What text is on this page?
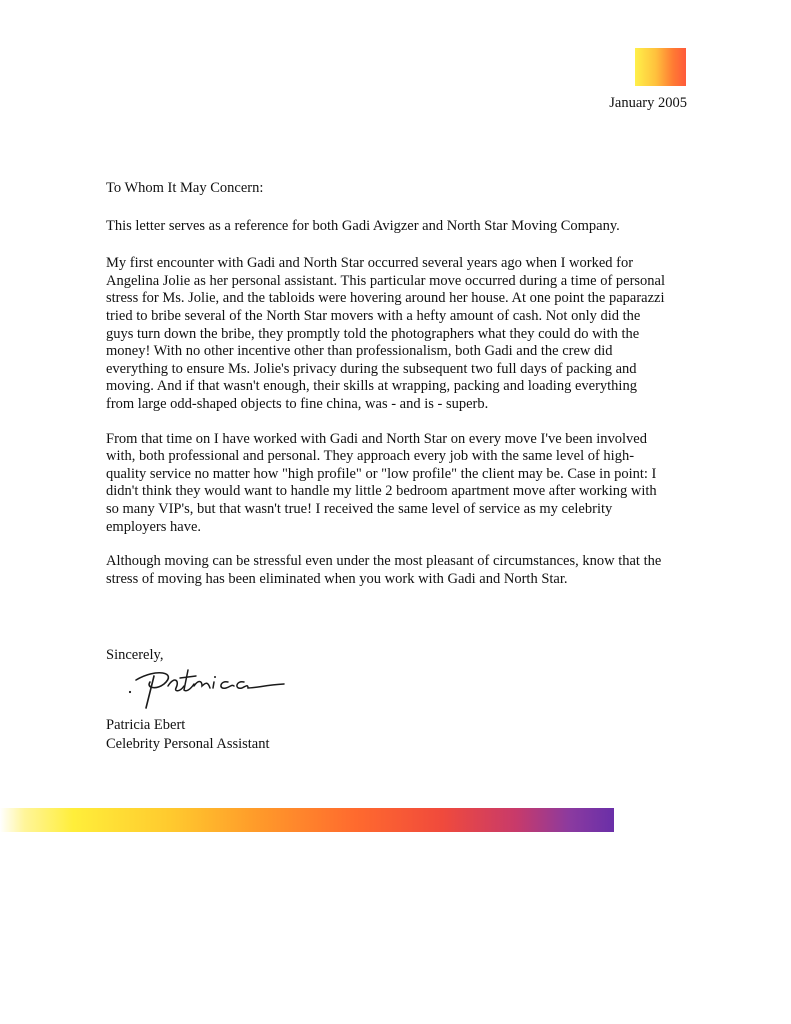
January 2005

To Whom It May Concern:

This letter serves as a reference for both Gadi Avigzer and North Star Moving Company.

My first encounter with Gadi and North Star occurred several years ago when I worked for Angelina Jolie as her personal assistant. This particular move occurred during a time of personal stress for Ms. Jolie, and the tabloids were hovering around her house. At one point the paparazzi tried to bribe several of the North Star movers with a hefty amount of cash. Not only did the guys turn down the bribe, they promptly told the photographers what they could do with the money! With no other incentive other than professionalism, both Gadi and the crew did everything to ensure Ms. Jolie's privacy during the subsequent two full days of packing and moving. And if that wasn't enough, their skills at wrapping, packing and loading everything from large odd-shaped objects to fine china, was - and is - superb.

From that time on I have worked with Gadi and North Star on every move I've been involved with, both professional and personal. They approach every job with the same level of high-quality service no matter how "high profile" or "low profile" the client may be. Case in point: I didn't think they would want to handle my little 2 bedroom apartment move after working with so many VIP's, but that wasn't true! I received the same level of service as my celebrity employers have.

Although moving can be stressful even under the most pleasant of circumstances, know that the stress of moving has been eliminated when you work with Gadi and North Star.

Sincerely,
Patricia Ebert
Celebrity Personal Assistant
